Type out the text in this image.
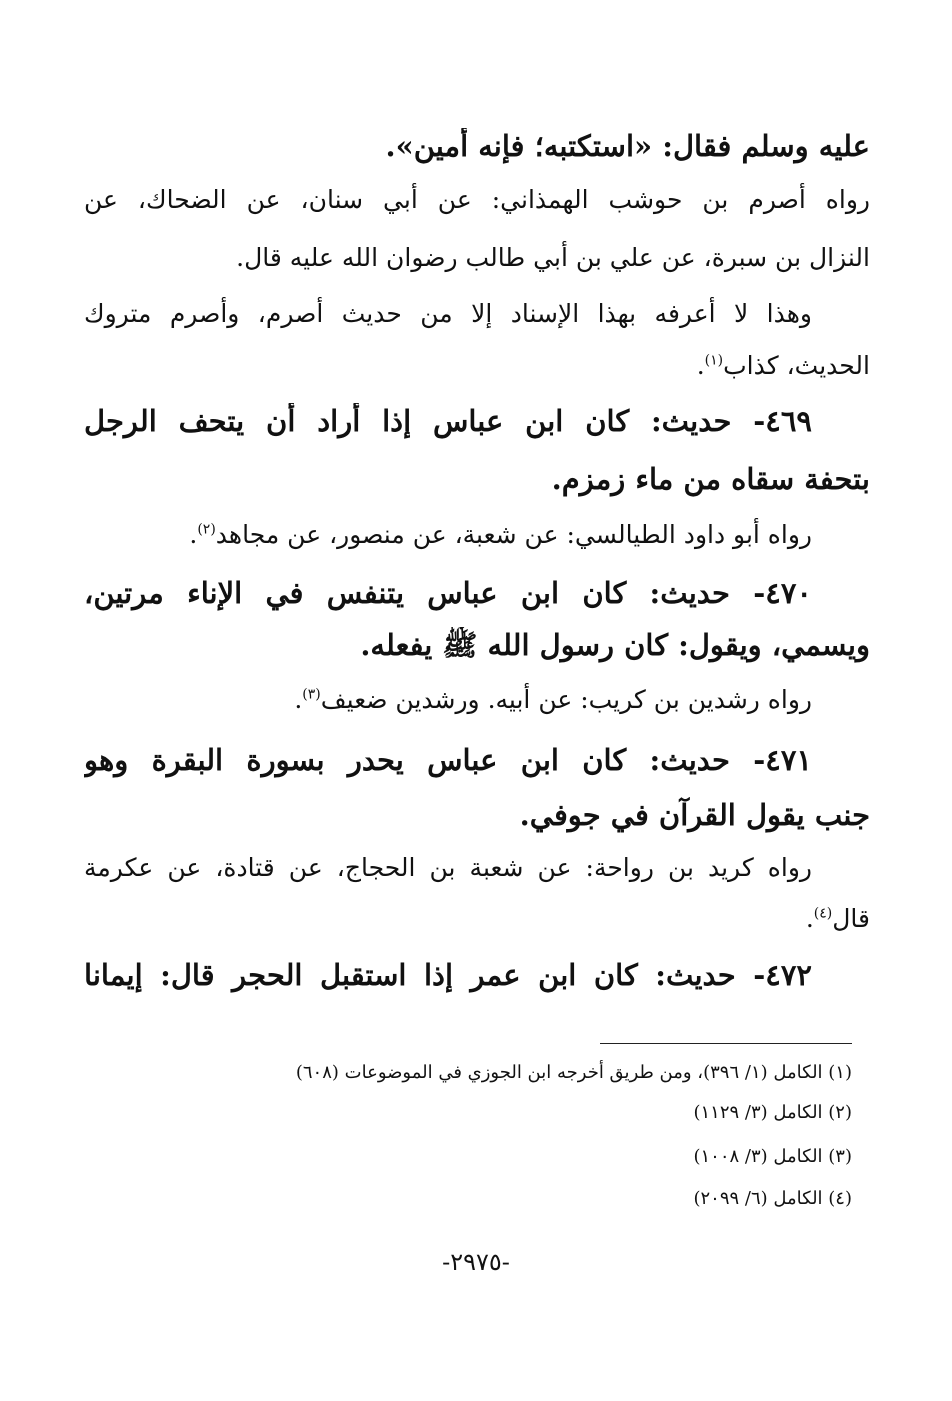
عليه وسلم فقال: «استكتبه؛ فإنه أمين».
رواه أصرم بن حوشب الهمذاني: عن أبي سنان، عن الضحاك، عن
النزال بن سبرة، عن علي بن أبي طالب رضوان الله عليه قال.
وهذا لا أعرفه بهذا الإسناد إلا من حديث أصرم، وأصرم متروك
الحديث، كذاب$^{(١)}$.
٤٦٩- حديث: كان ابن عباس إذا أراد أن يتحف الرجل
بتحفة سقاه من ماء زمزم.
رواه أبو داود الطيالسي: عن شعبة، عن منصور، عن مجاهد$^{(٢)}$.
٤٧٠- حديث: كان ابن عباس يتنفس في الإناء مرتين،
ويسمي، ويقول: كان رسول الله ﷺ يفعله.
رواه رشدين بن كريب: عن أبيه. ورشدين ضعيف$^{(٣)}$.
٤٧١- حديث: كان ابن عباس يحدر بسورة البقرة وهو
جنب يقول القرآن في جوفي.
رواه كريد بن رواحة: عن شعبة بن الحجاج، عن قتادة، عن عكرمة
قال$^{(٤)}$.
٤٧٢- حديث: كان ابن عمر إذا استقبل الحجر قال: إيمانا
(١) الكامل (١/ ٣٩٦)، ومن طريق أخرجه ابن الجوزي في الموضوعات (٦٠٨)
(٢) الكامل (٣/ ١١٢٩)
(٣) الكامل (٣/ ١٠٠٨)
(٤) الكامل (٦/ ٢٠٩٩)
-٢٩٧٥-
